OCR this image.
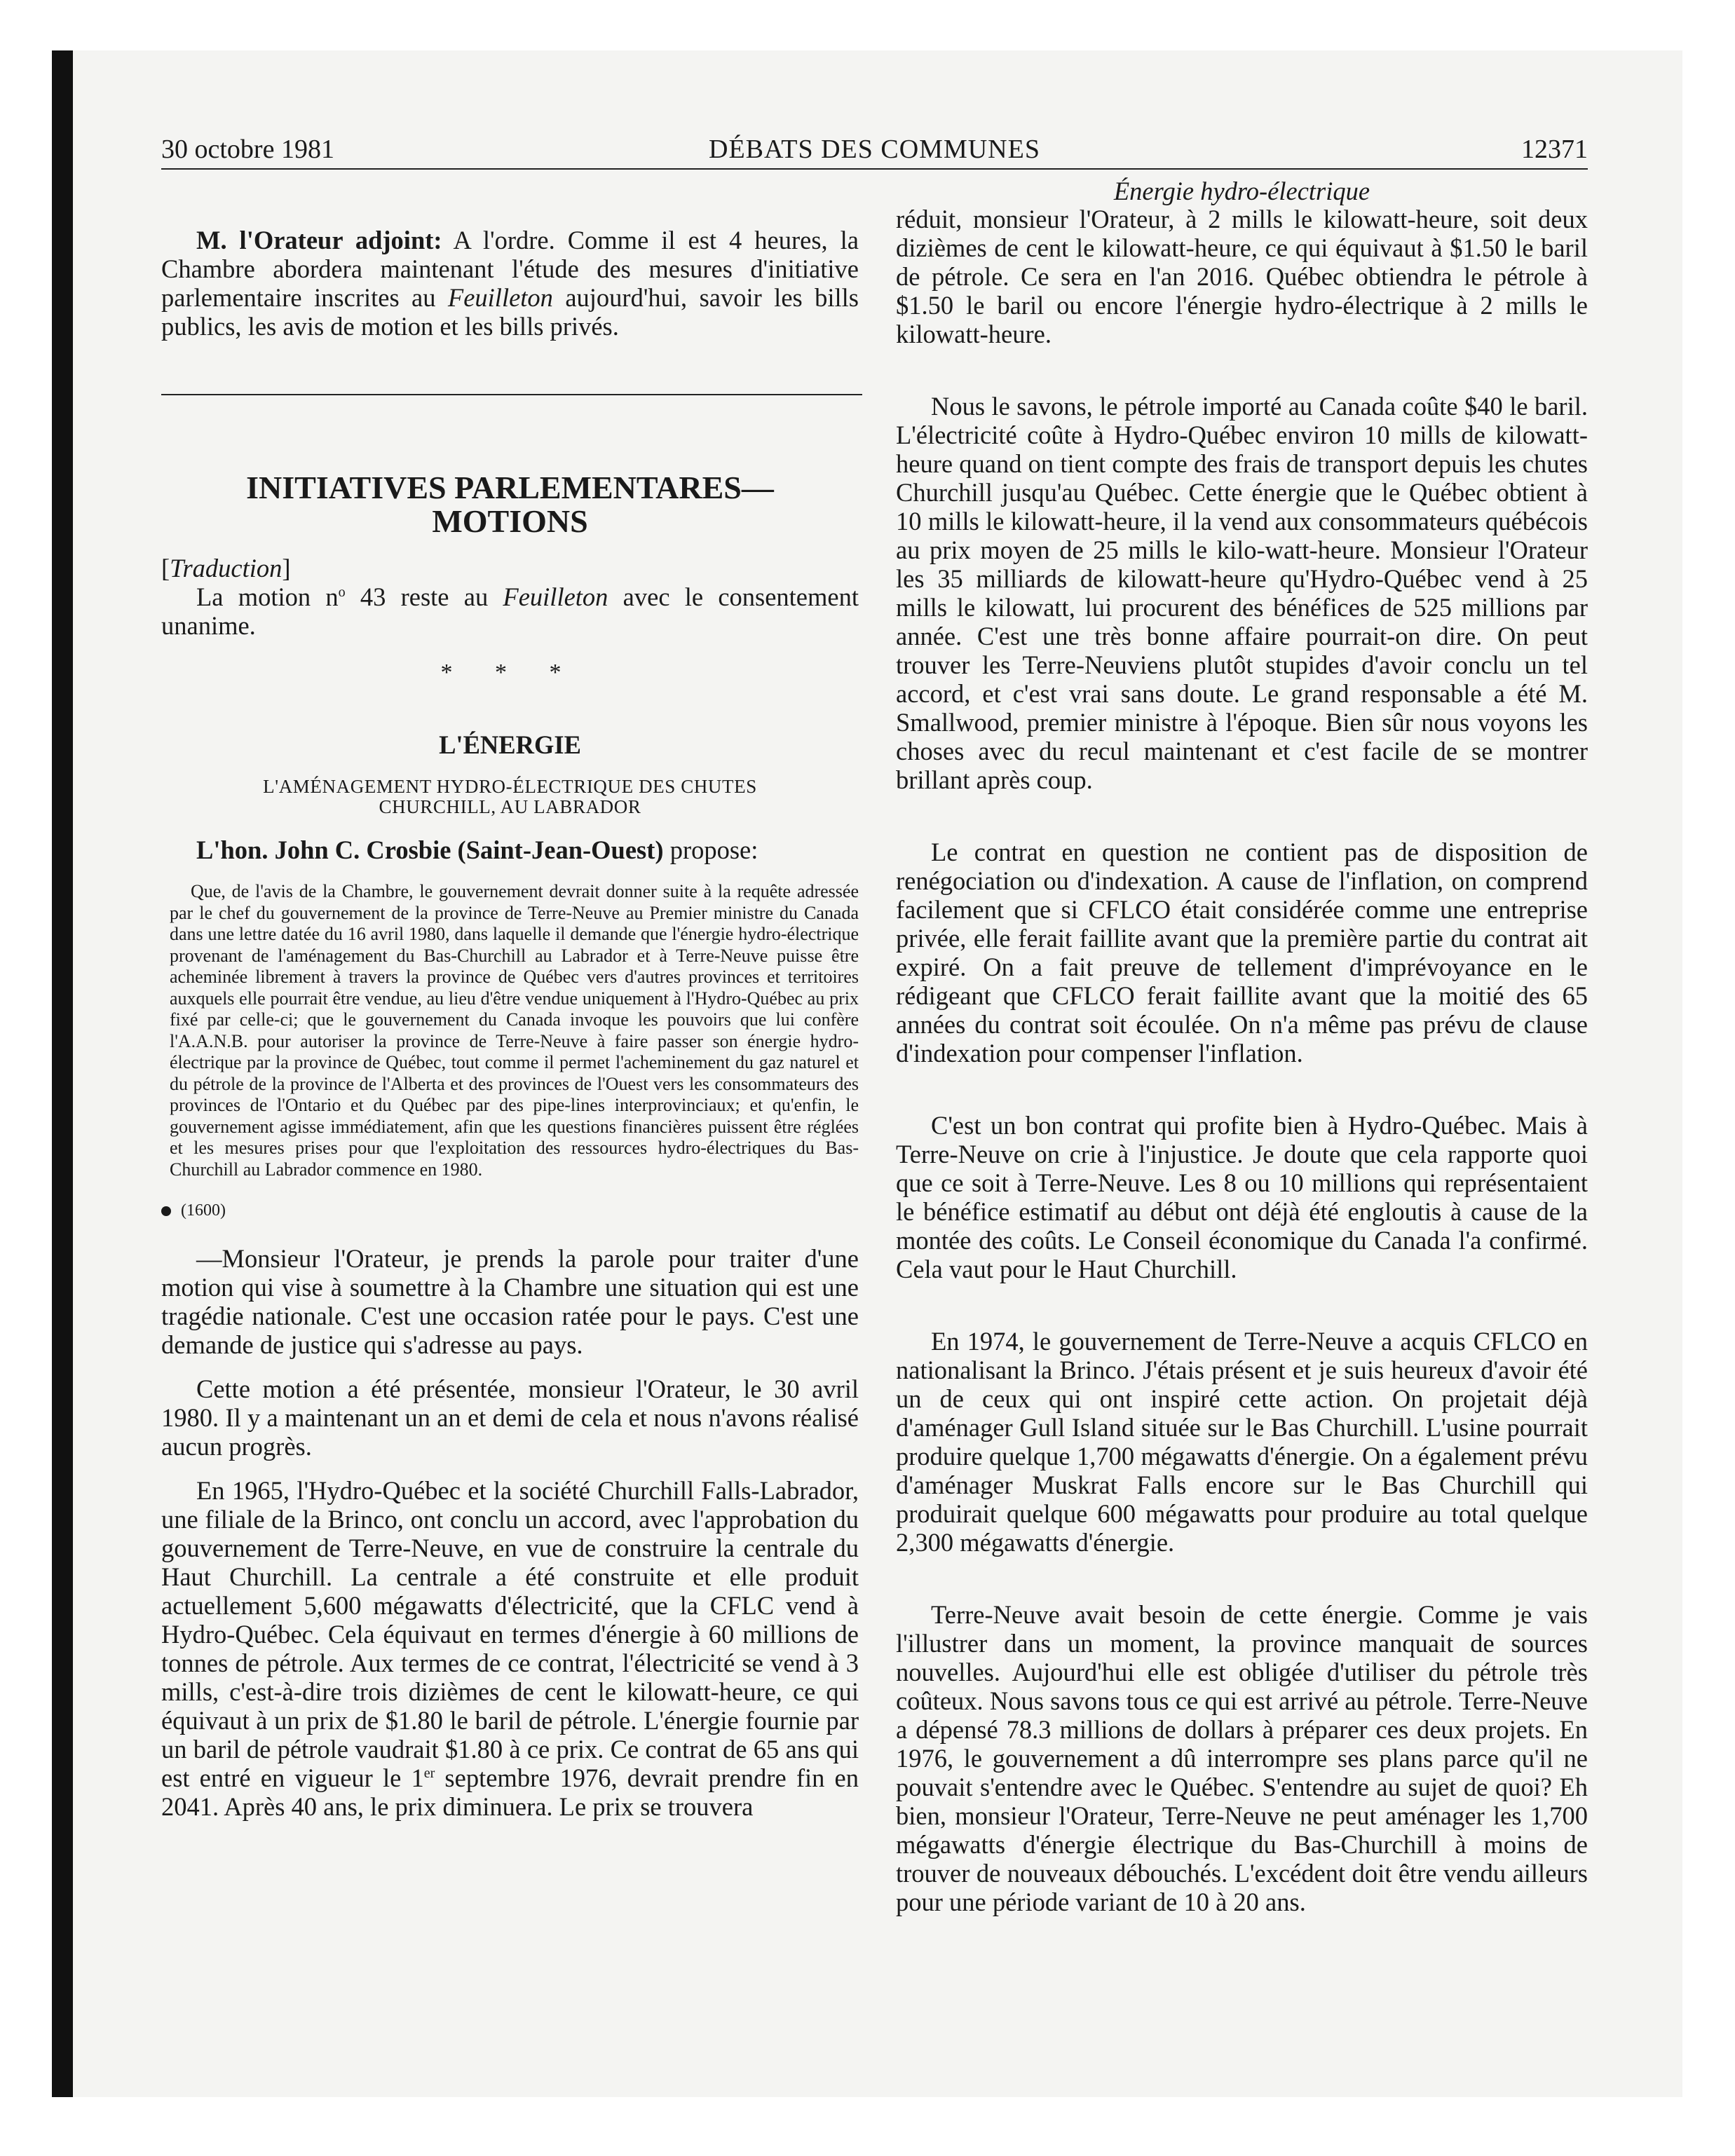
30 octobre 1981	DÉBATS DES COMMUNES	12371

M. l'Orateur adjoint: A l'ordre. Comme il est 4 heures, la Chambre abordera maintenant l'étude des mesures d'initiative parlementaire inscrites au Feuilleton aujourd'hui, savoir les bills publics, les avis de motion et les bills privés.

INITIATIVES PARLEMENTARES—
MOTIONS
[Traduction]

La motion $n^o$ 43 reste au Feuilleton avec le consentement unanime.

* * *
L'ÉNERGIE
L'AMÉNAGEMENT HYDRO-ÉLECTRIQUE DES CHUTES
CHURCHILL, AU LABRADOR
L'hon. John C. Crosbie (Saint-Jean-Ouest) propose:

Que, de l'avis de la Chambre, le gouvernement devrait donner suite à la requête adressée par le chef du gouvernement de la province de Terre-Neuve au Premier ministre du Canada dans une lettre datée du 16 avril 1980, dans laquelle il demande que l'énergie hydro-électrique provenant de l'aménagement du Bas-Churchill au Labrador et à Terre-Neuve puisse être acheminée librement à travers la province de Québec vers d'autres provinces et territoires auxquels elle pourrait être vendue, au lieu d'être vendue uniquement à l'Hydro-Québec au prix fixé par celle-ci; que le gouvernement du Canada invoque les pouvoirs que lui confère l'A.A.N.B. pour autoriser la province de Terre-Neuve à faire passer son énergie hydro-électrique par la province de Québec, tout comme il permet l'acheminement du gaz naturel et du pétrole de la province de l'Alberta et des provinces de l'Ouest vers les consommateurs des provinces de l'Ontario et du Québec par des pipe-lines interprovinciaux; et qu'enfin, le gouvernement agisse immédiatement, afin que les questions financières puissent être réglées et les mesures prises pour que l'exploitation des ressources hydro-électriques du Bas-Churchill au Labrador commence en 1980.

(1600)

—Monsieur l'Orateur, je prends la parole pour traiter d'une motion qui vise à soumettre à la Chambre une situation qui est une tragédie nationale. C'est une occasion ratée pour le pays. C'est une demande de justice qui s'adresse au pays.

Cette motion a été présentée, monsieur l'Orateur, le 30 avril 1980. Il y a maintenant un an et demi de cela et nous n'avons réalisé aucun progrès.

En 1965, l'Hydro-Québec et la société Churchill Falls-Labrador, une filiale de la Brinco, ont conclu un accord, avec l'approbation du gouvernement de Terre-Neuve, en vue de construire la centrale du Haut Churchill. La centrale a été construite et elle produit actuellement 5,600 mégawatts d'électricité, que la CFLC vend à Hydro-Québec. Cela équivaut en termes d'énergie à 60 millions de tonnes de pétrole. Aux termes de ce contrat, l'électricité se vend à 3 mills, c'est-à-dire trois dizièmes de cent le kilowatt-heure, ce qui équivaut à un prix de $1.80 le baril de pétrole. L'énergie fournie par un baril de pétrole vaudrait $1.80 à ce prix. Ce contrat de 65 ans qui est entré en vigueur le 1er septembre 1976, devrait prendre fin en 2041. Après 40 ans, le prix diminuera. Le prix se trouvera

Énergie hydro-électrique

réduit, monsieur l'Orateur, à 2 mills le kilowatt-heure, soit deux dizièmes de cent le kilowatt-heure, ce qui équivaut à $1.50 le baril de pétrole. Ce sera en l'an 2016. Québec obtiendra le pétrole à $1.50 le baril ou encore l'énergie hydro-électrique à 2 mills le kilowatt-heure.

Nous le savons, le pétrole importé au Canada coûte $40 le baril. L'électricité coûte à Hydro-Québec environ 10 mills de kilowatt-heure quand on tient compte des frais de transport depuis les chutes Churchill jusqu'au Québec. Cette énergie que le Québec obtient à 10 mills le kilowatt-heure, il la vend aux consommateurs québécois au prix moyen de 25 mills le kilo-watt-heure. Monsieur l'Orateur les 35 milliards de kilowatt-heure qu'Hydro-Québec vend à 25 mills le kilowatt, lui procurent des bénéfices de 525 millions par année. C'est une très bonne affaire pourrait-on dire. On peut trouver les Terre-Neuviens plutôt stupides d'avoir conclu un tel accord, et c'est vrai sans doute. Le grand responsable a été M. Smallwood, premier ministre à l'époque. Bien sûr nous voyons les choses avec du recul maintenant et c'est facile de se montrer brillant après coup.

Le contrat en question ne contient pas de disposition de renégociation ou d'indexation. A cause de l'inflation, on comprend facilement que si CFLCO était considérée comme une entreprise privée, elle ferait faillite avant que la première partie du contrat ait expiré. On a fait preuve de tellement d'imprévoyance en le rédigeant que CFLCO ferait faillite avant que la moitié des 65 années du contrat soit écoulée. On n'a même pas prévu de clause d'indexation pour compenser l'inflation.

C'est un bon contrat qui profite bien à Hydro-Québec. Mais à Terre-Neuve on crie à l'injustice. Je doute que cela rapporte quoi que ce soit à Terre-Neuve. Les 8 ou 10 millions qui représentaient le bénéfice estimatif au début ont déjà été engloutis à cause de la montée des coûts. Le Conseil économique du Canada l'a confirmé. Cela vaut pour le Haut Churchill.

En 1974, le gouvernement de Terre-Neuve a acquis CFLCO en nationalisant la Brinco. J'étais présent et je suis heureux d'avoir été un de ceux qui ont inspiré cette action. On projetait déjà d'aménager Gull Island située sur le Bas Churchill. L'usine pourrait produire quelque 1,700 mégawatts d'énergie. On a également prévu d'aménager Muskrat Falls encore sur le Bas Churchill qui produirait quelque 600 mégawatts pour produire au total quelque 2,300 mégawatts d'énergie.

Terre-Neuve avait besoin de cette énergie. Comme je vais l'illustrer dans un moment, la province manquait de sources nouvelles. Aujourd'hui elle est obligée d'utiliser du pétrole très coûteux. Nous savons tous ce qui est arrivé au pétrole. Terre-Neuve a dépensé 78.3 millions de dollars à préparer ces deux projets. En 1976, le gouvernement a dû interrompre ses plans parce qu'il ne pouvait s'entendre avec le Québec. S'entendre au sujet de quoi? Eh bien, monsieur l'Orateur, Terre-Neuve ne peut aménager les 1,700 mégawatts d'énergie électrique du Bas-Churchill à moins de trouver de nouveaux débouchés. L'excédent doit être vendu ailleurs pour une période variant de 10 à 20 ans.
